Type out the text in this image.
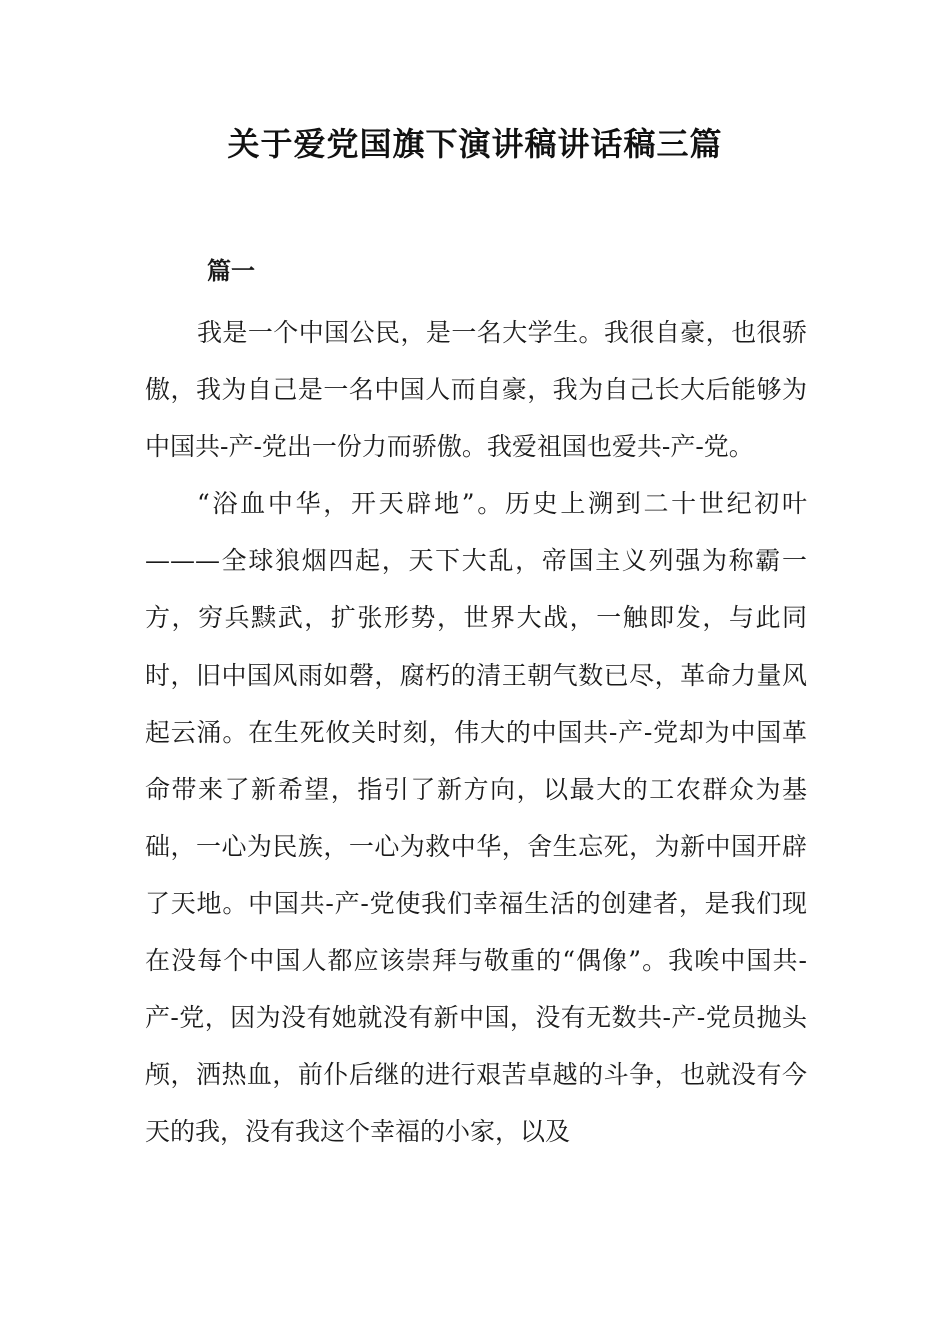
关于爱党国旗下演讲稿讲话稿三篇
篇一

我是一个中国公民，是一名大学生。我很自豪，也很骄傲，我为自己是一名中国人而自豪，我为自己长大后能够为中国共-产-党出一份力而骄傲。我爱祖国也爱共-产-党。

“浴血中华，开天辟地”。历史上溯到二十世纪初叶———全球狼烟四起，天下大乱，帝国主义列强为称霸一方，穷兵黩武，扩张形势，世界大战，一触即发，与此同时，旧中国风雨如磬，腐朽的清王朝气数已尽，革命力量风起云涌。在生死攸关时刻，伟大的中国共-产-党却为中国革命带来了新希望，指引了新方向，以最大的工农群众为基础，一心为民族，一心为救中华，舍生忘死，为新中国开辟了天地。中国共-产-党使我们幸福生活的创建者，是我们现在没每个中国人都应该崇拜与敬重的“偶像”。我唉中国共-产-党，因为没有她就没有新中国，没有无数共-产-党员抛头颅，洒热血，前仆后继的进行艰苦卓越的斗争，也就没有今天的我，没有我这个幸福的小家，以及
